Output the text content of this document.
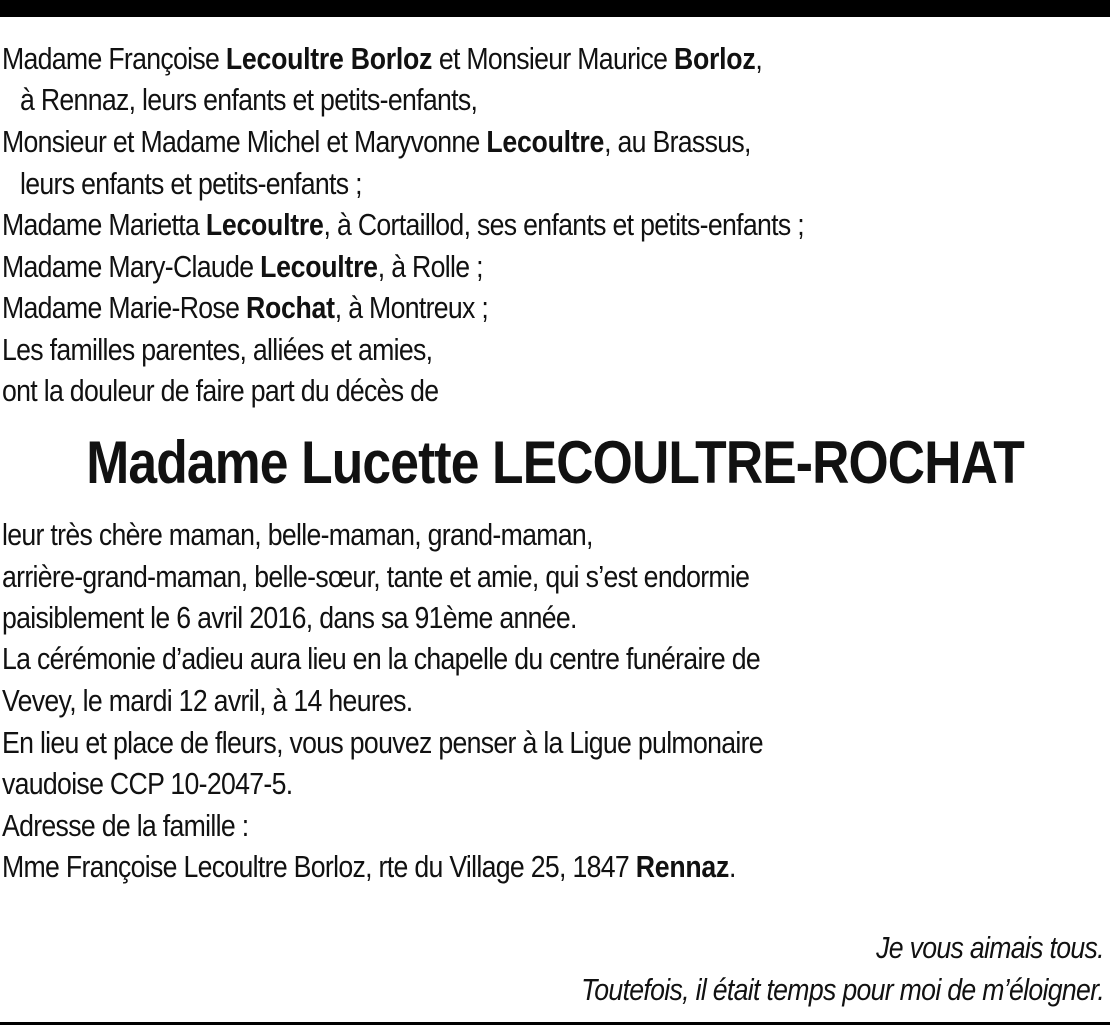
Madame Françoise Lecoultre Borloz et Monsieur Maurice Borloz,
à Rennaz, leurs enfants et petits-enfants,
Monsieur et Madame Michel et Maryvonne Lecoultre, au Brassus,
leurs enfants et petits-enfants ;
Madame Marietta Lecoultre, à Cortaillod, ses enfants et petits-enfants ;
Madame Mary-Claude Lecoultre, à Rolle ;
Madame Marie-Rose Rochat, à Montreux ;
Les familles parentes, alliées et amies,
ont la douleur de faire part du décès de
Madame Lucette LECOULTRE-ROCHAT
leur très chère maman, belle-maman, grand-maman,
arrière-grand-maman, belle-sœur, tante et amie, qui s’est endormie
paisiblement le 6 avril 2016, dans sa 91ème année.
La cérémonie d’adieu aura lieu en la chapelle du centre funéraire de
Vevey, le mardi 12 avril, à 14 heures.
En lieu et place de fleurs, vous pouvez penser à la Ligue pulmonaire
vaudoise CCP 10-2047-5.
Adresse de la famille :
Mme Françoise Lecoultre Borloz, rte du Village 25, 1847 Rennaz.
Je vous aimais tous.
Toutefois, il était temps pour moi de m’éloigner.
